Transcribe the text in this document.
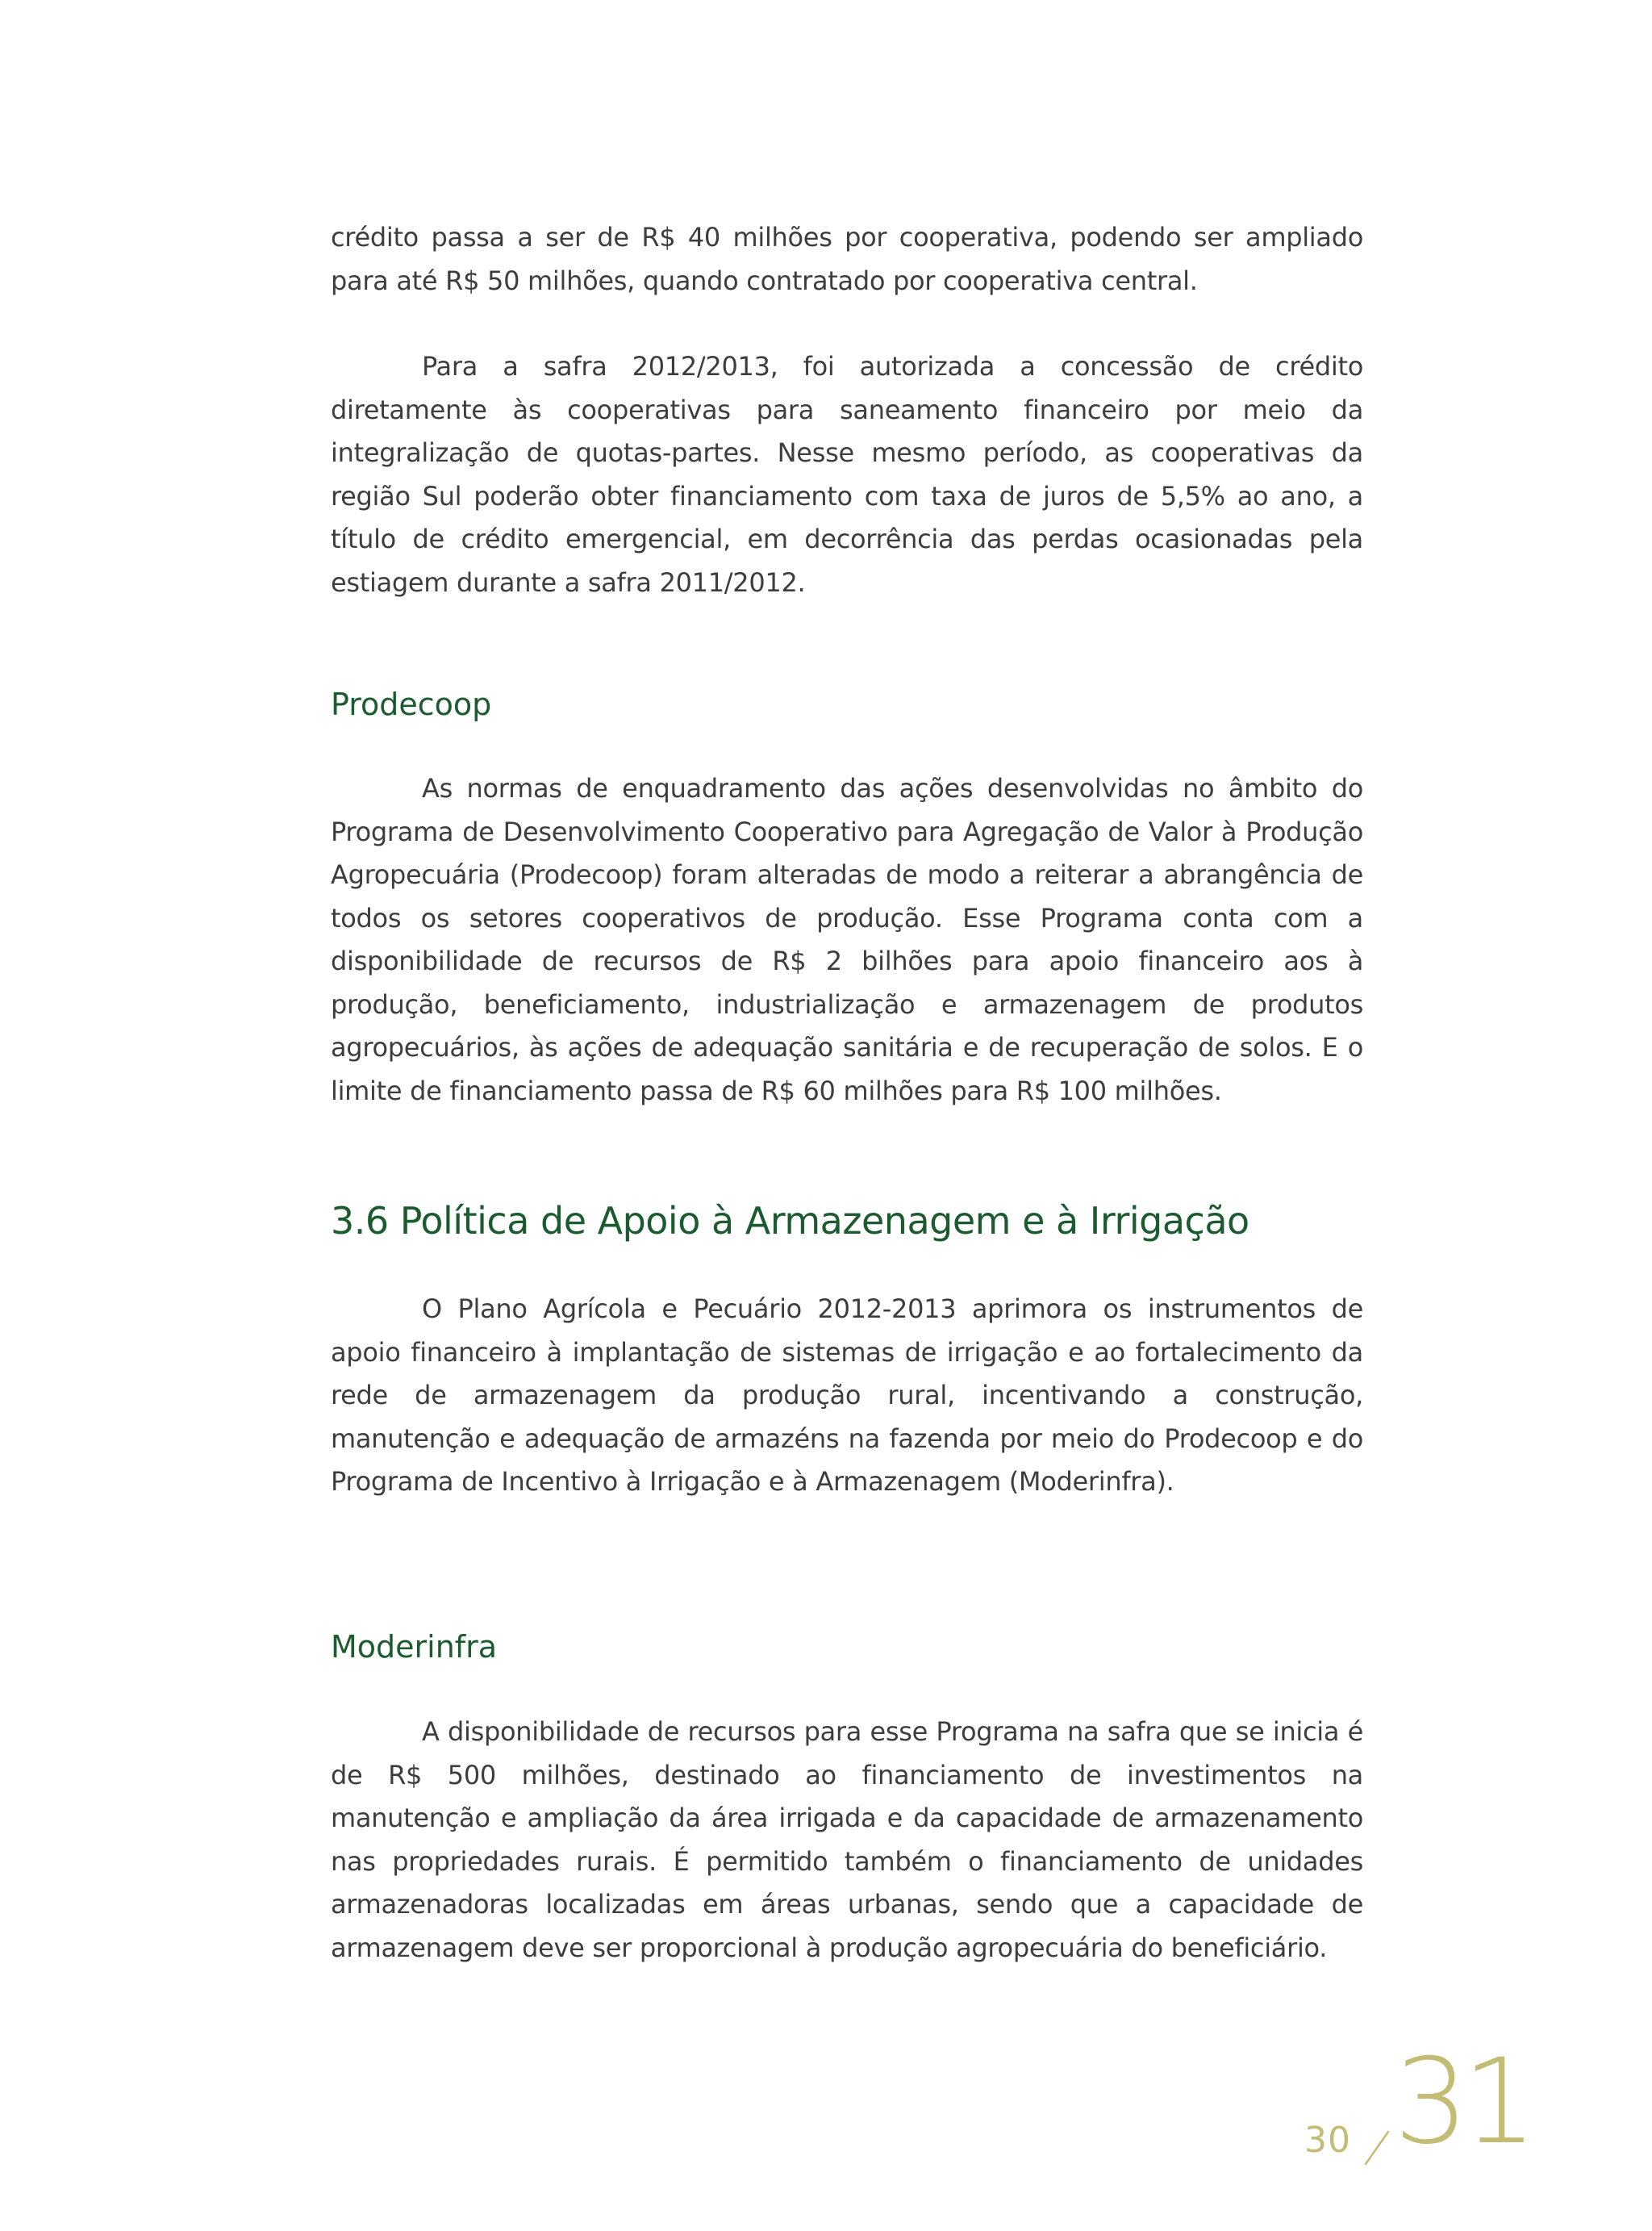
crédito passa a ser de R$ 40 milhões por cooperativa, podendo ser ampliado para até R$ 50 milhões, quando contratado por cooperativa central.

Para a safra 2012/2013, foi autorizada a concessão de crédito diretamente às cooperativas para saneamento financeiro por meio da integralização de quotas-partes. Nesse mesmo período, as cooperativas da região Sul poderão obter financiamento com taxa de juros de 5,5% ao ano, a título de crédito emergencial, em decorrência das perdas ocasionadas pela estiagem durante a safra 2011/2012.

Prodecoop

As normas de enquadramento das ações desenvolvidas no âmbito do Programa de Desenvolvimento Cooperativo para Agregação de Valor à Produção Agropecuária (Prodecoop) foram alteradas de modo a reiterar a abrangência de todos os setores cooperativos de produção. Esse Programa conta com a disponibilidade de recursos de R$ 2 bilhões para apoio financeiro aos à produção, beneficiamento, industrialização e armazenagem de produtos agropecuários, às ações de adequação sanitária e de recuperação de solos. E o limite de financiamento passa de R$ 60 milhões para R$ 100 milhões.

3.6 Política de Apoio à Armazenagem e à Irrigação

O Plano Agrícola e Pecuário 2012-2013 aprimora os instrumentos de apoio financeiro à implantação de sistemas de irrigação e ao fortalecimento da rede de armazenagem da produção rural, incentivando a construção, manutenção e adequação de armazéns na fazenda por meio do Prodecoop e do Programa de Incentivo à Irrigação e à Armazenagem (Moderinfra).

Moderinfra

A disponibilidade de recursos para esse Programa na safra que se inicia é de R$ 500 milhões, destinado ao financiamento de investimentos na manutenção e ampliação da área irrigada e da capacidade de armazenamento nas propriedades rurais. É permitido também o financiamento de unidades armazenadoras localizadas em áreas urbanas, sendo que a capacidade de armazenagem deve ser proporcional à produção agropecuária do beneficiário.

30 31
